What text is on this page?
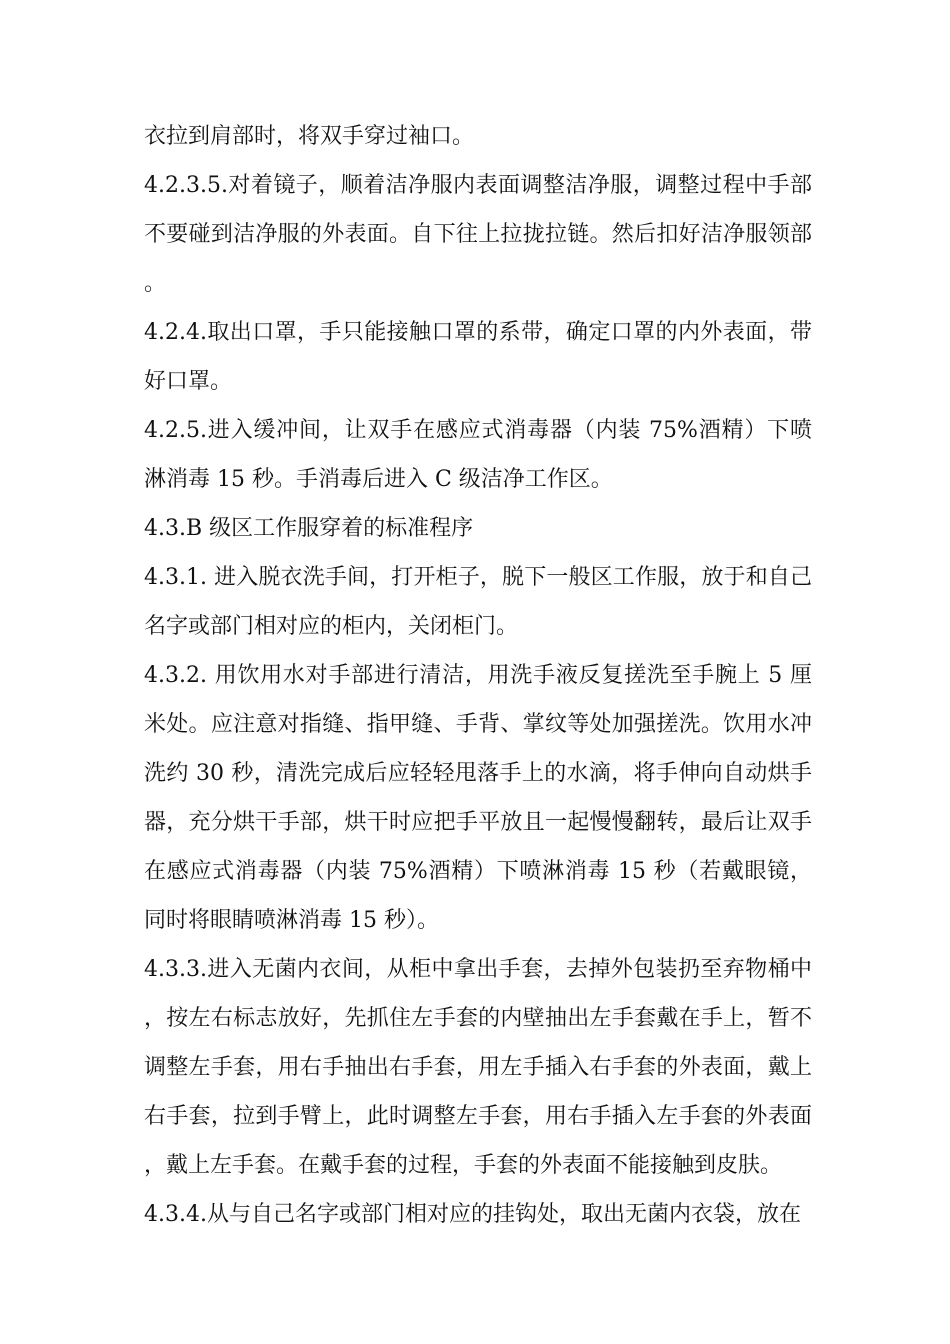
衣拉到肩部时，将双手穿过袖口。

4.2.3.5.对着镜子，顺着洁净服内表面调整洁净服，调整过程中手部不要碰到洁净服的外表面。自下往上拉拢拉链。然后扣好洁净服领部。

4.2.4.取出口罩，手只能接触口罩的系带，确定口罩的内外表面，带好口罩。

4.2.5.进入缓冲间，让双手在感应式消毒器（内装 75%酒精）下喷淋消毒 15 秒。手消毒后进入 C 级洁净工作区。

4.3.B 级区工作服穿着的标准程序

4.3.1. 进入脱衣洗手间，打开柜子，脱下一般区工作服，放于和自己名字或部门相对应的柜内，关闭柜门。

4.3.2. 用饮用水对手部进行清洁，用洗手液反复搓洗至手腕上 5 厘米处。应注意对指缝、指甲缝、手背、掌纹等处加强搓洗。饮用水冲洗约 30 秒，清洗完成后应轻轻甩落手上的水滴，将手伸向自动烘手器，充分烘干手部，烘干时应把手平放且一起慢慢翻转，最后让双手在感应式消毒器（内装 75%酒精）下喷淋消毒 15 秒（若戴眼镜，同时将眼睛喷淋消毒 15 秒）。

4.3.3.进入无菌内衣间，从柜中拿出手套，去掉外包装扔至弃物桶中，按左右标志放好，先抓住左手套的内壁抽出左手套戴在手上，暂不调整左手套，用右手抽出右手套，用左手插入右手套的外表面，戴上右手套，拉到手臂上，此时调整左手套，用右手插入左手套的外表面，戴上左手套。在戴手套的过程，手套的外表面不能接触到皮肤。

4.3.4.从与自己名字或部门相对应的挂钩处，取出无菌内衣袋，放在
